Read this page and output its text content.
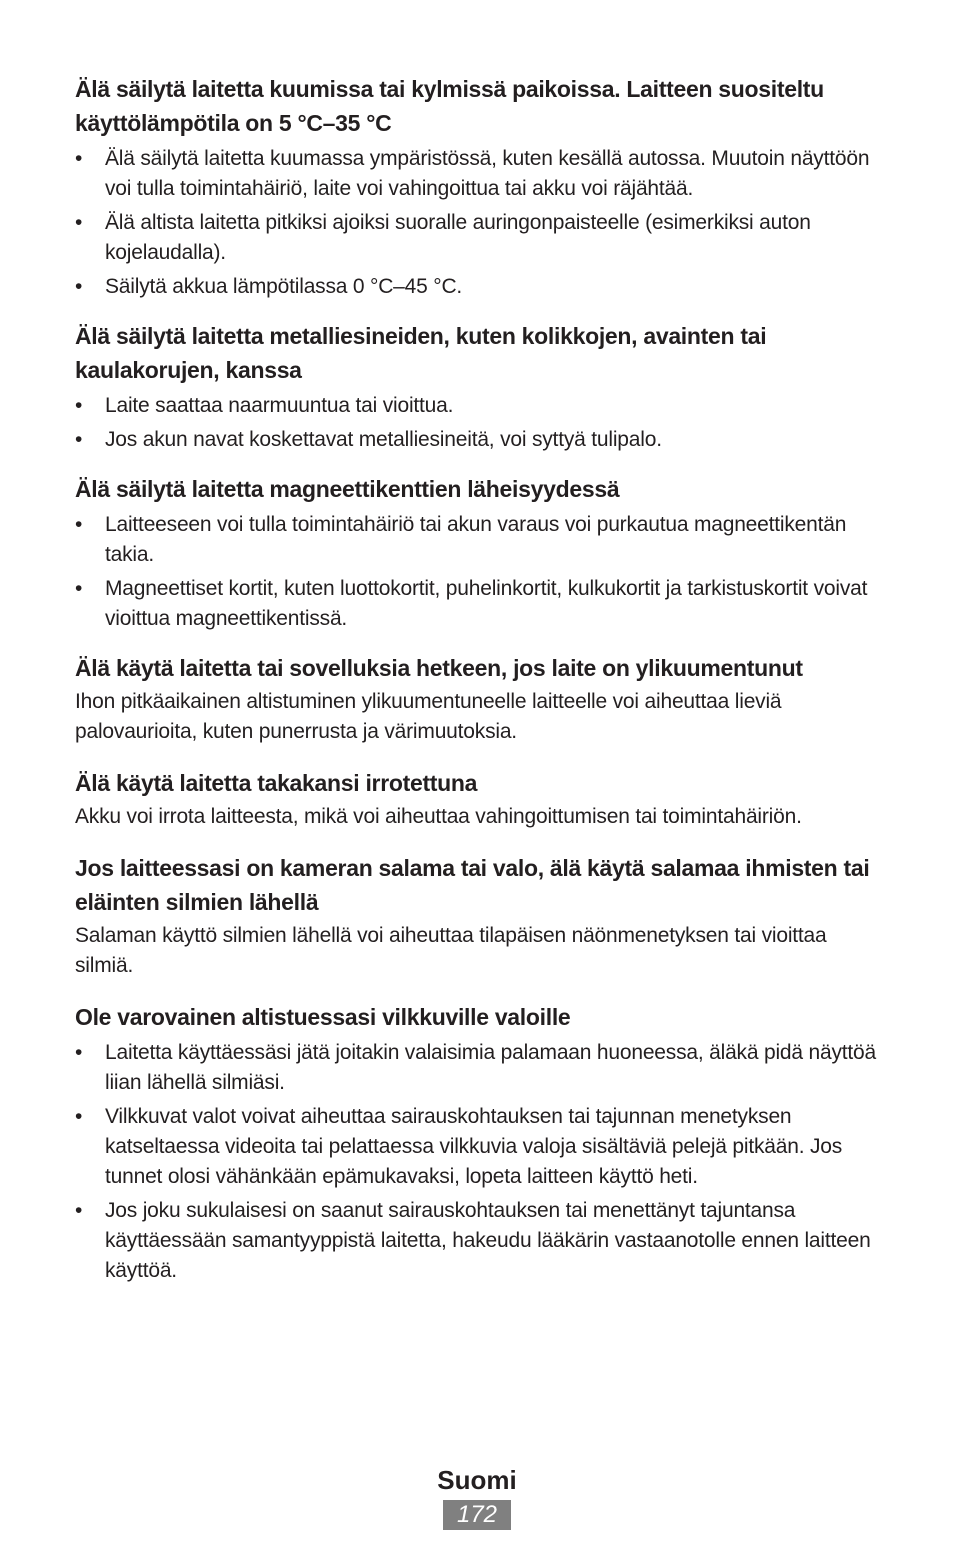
Älä säilytä laitetta kuumissa tai kylmissä paikoissa. Laitteen suositeltu käyttölämpötila on 5 °C–35 °C

• Älä säilytä laitetta kuumassa ympäristössä, kuten kesällä autossa. Muutoin näyttöön voi tulla toimintahäiriö, laite voi vahingoittua tai akku voi räjähtää.
• Älä altista laitetta pitkiksi ajoiksi suoralle auringonpaisteelle (esimerkiksi auton kojelaudalla).
• Säilytä akkua lämpötilassa 0 °C–45 °C.

Älä säilytä laitetta metalliesineiden, kuten kolikkojen, avainten tai kaulakorujen, kanssa

• Laite saattaa naarmuuntua tai vioittua.
• Jos akun navat koskettavat metalliesineitä, voi syttyä tulipalo.

Älä säilytä laitetta magneettikenttien läheisyydessä

• Laitteeseen voi tulla toimintahäiriö tai akun varaus voi purkautua magneettikentän takia.
• Magneettiset kortit, kuten luottokortit, puhelinkortit, kulkukortit ja tarkistuskortit voivat vioittua magneettikentissä.

Älä käytä laitetta tai sovelluksia hetkeen, jos laite on ylikuumentunut

Ihon pitkäaikainen altistuminen ylikuumentuneelle laitteelle voi aiheuttaa lieviä palovaurioita, kuten punerrusta ja värimuutoksia.

Älä käytä laitetta takakansi irrotettuna

Akku voi irrota laitteesta, mikä voi aiheuttaa vahingoittumisen tai toimintahäiriön.

Jos laitteessasi on kameran salama tai valo, älä käytä salamaa ihmisten tai eläinten silmien lähellä

Salaman käyttö silmien lähellä voi aiheuttaa tilapäisen näönmenetyksen tai vioittaa silmiä.

Ole varovainen altistuessasi vilkkuville valoille

• Laitetta käyttäessäsi jätä joitakin valaisimia palamaan huoneessa, äläkä pidä näyttöä liian lähellä silmiäsi.
• Vilkkuvat valot voivat aiheuttaa sairauskohtauksen tai tajunnan menetyksen katseltaessa videoita tai pelattaessa vilkkuvia valoja sisältäviä pelejä pitkään. Jos tunnet olosi vähänkään epämukavaksi, lopeta laitteen käyttö heti.
• Jos joku sukulaisesi on saanut sairauskohtauksen tai menettänyt tajuntansa käyttäessään samantyyppistä laitetta, hakeudu lääkärin vastaanotolle ennen laitteen käyttöä.
Suomi
172
